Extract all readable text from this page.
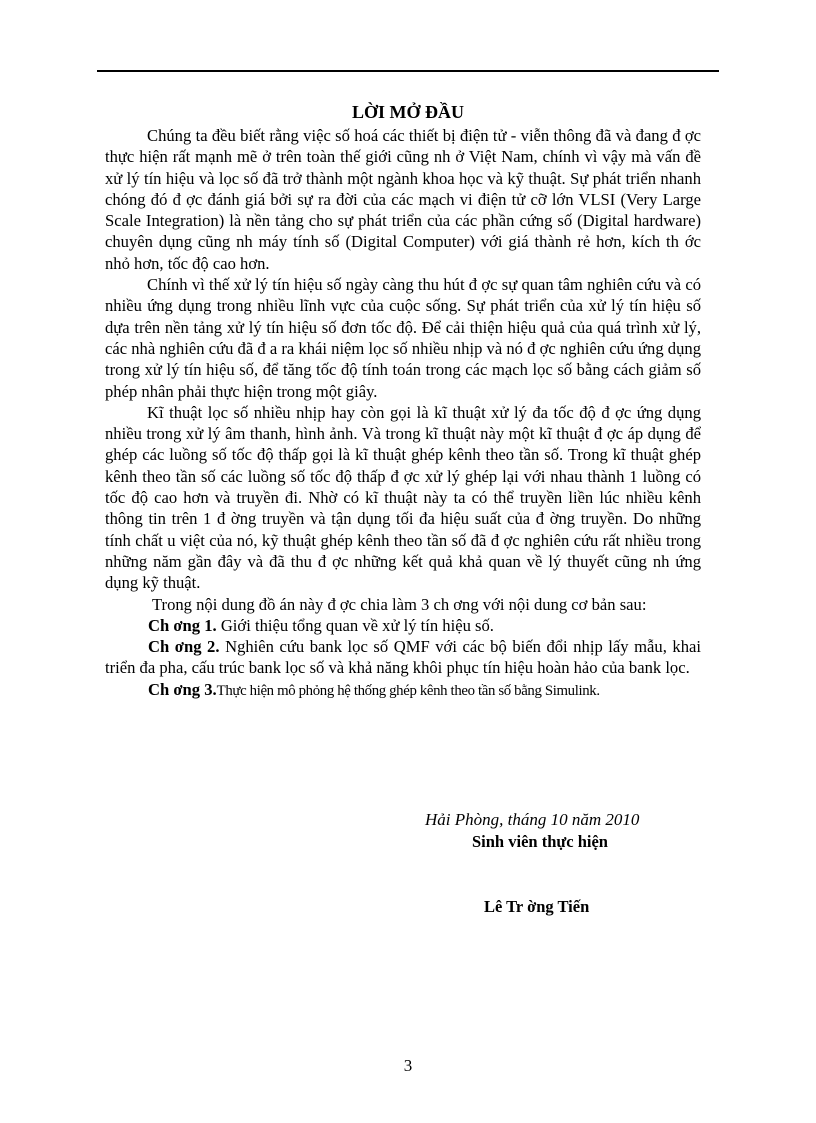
LỜI MỞ ĐẦU

Chúng ta đều biết rằng việc số hoá các thiết bị điện tử - viễn thông đã và đang đ ợc thực hiện rất mạnh mẽ ở trên toàn thế giới cũng nh ở Việt Nam, chính vì vậy mà vấn đề xử lý tín hiệu và lọc số đã trở thành một ngành khoa học và kỹ thuật. Sự phát triển nhanh chóng đó đ ợc đánh giá bởi sự ra đời của các mạch vi điện tử cỡ lớn VLSI (Very Large Scale Integration) là nền tảng cho sự phát triển của các phần cứng số (Digital hardware) chuyên dụng cũng nh máy tính số (Digital Computer) với giá thành rẻ hơn, kích th ớc nhỏ hơn, tốc độ cao hơn.

Chính vì thế xử lý tín hiệu số ngày càng thu hút đ ợc sự quan tâm nghiên cứu và có nhiều ứng dụng trong nhiều lĩnh vực của cuộc sống. Sự phát triển của xử lý tín hiệu số dựa trên nền tảng xử lý tín hiệu số đơn tốc độ. Để cải thiện hiệu quả của quá trình xử lý, các nhà nghiên cứu đã đ a ra khái niệm lọc số nhiều nhịp và nó đ ợc nghiên cứu ứng dụng trong xử lý tín hiệu số, để tăng tốc độ tính toán trong các mạch lọc số bằng cách giảm số phép nhân phải thực hiện trong một giây.

Kĩ thuật lọc số nhiều nhịp hay còn gọi là kĩ thuật xử lý đa tốc độ đ ợc ứng dụng nhiều trong xử lý âm thanh, hình ảnh. Và trong kĩ thuật này một kĩ thuật đ ợc áp dụng để ghép các luồng số tốc độ thấp gọi là kĩ thuật ghép kênh theo tần số. Trong kĩ thuật ghép kênh theo tần số các luồng số tốc độ thấp đ ợc xử lý ghép lại với nhau thành 1 luồng có tốc độ cao hơn và truyền đi. Nhờ có kĩ thuật này ta có thể truyền liền lúc nhiều kênh thông tin trên 1 đ ờng truyền và tận dụng tối đa hiệu suất của đ ờng truyền. Do những tính chất u việt của nó, kỹ thuật ghép kênh theo tần số đã đ ợc nghiên cứu rất nhiều trong những năm gần đây và đã thu đ ợc những kết quả khả quan về lý thuyết cũng nh ứng dụng kỹ thuật.

Trong nội dung đồ án này đ ợc chia làm 3 ch ơng với nội dung cơ bản sau:

Ch ơng 1. Giới thiệu tổng quan về xử lý tín hiệu số.

Ch ơng 2. Nghiên cứu bank lọc số QMF với các bộ biến đổi nhịp lấy mẫu, khai triển đa pha, cấu trúc bank lọc số và khả năng khôi phục tín hiệu hoàn hảo của bank lọc.

Ch ơng 3.Thực hiện mô phỏng hệ thống ghép kênh theo tần số bằng Simulink.

Hải Phòng, tháng 10 năm 2010
Sinh viên thực hiện
Lê Tr ờng Tiến
3
